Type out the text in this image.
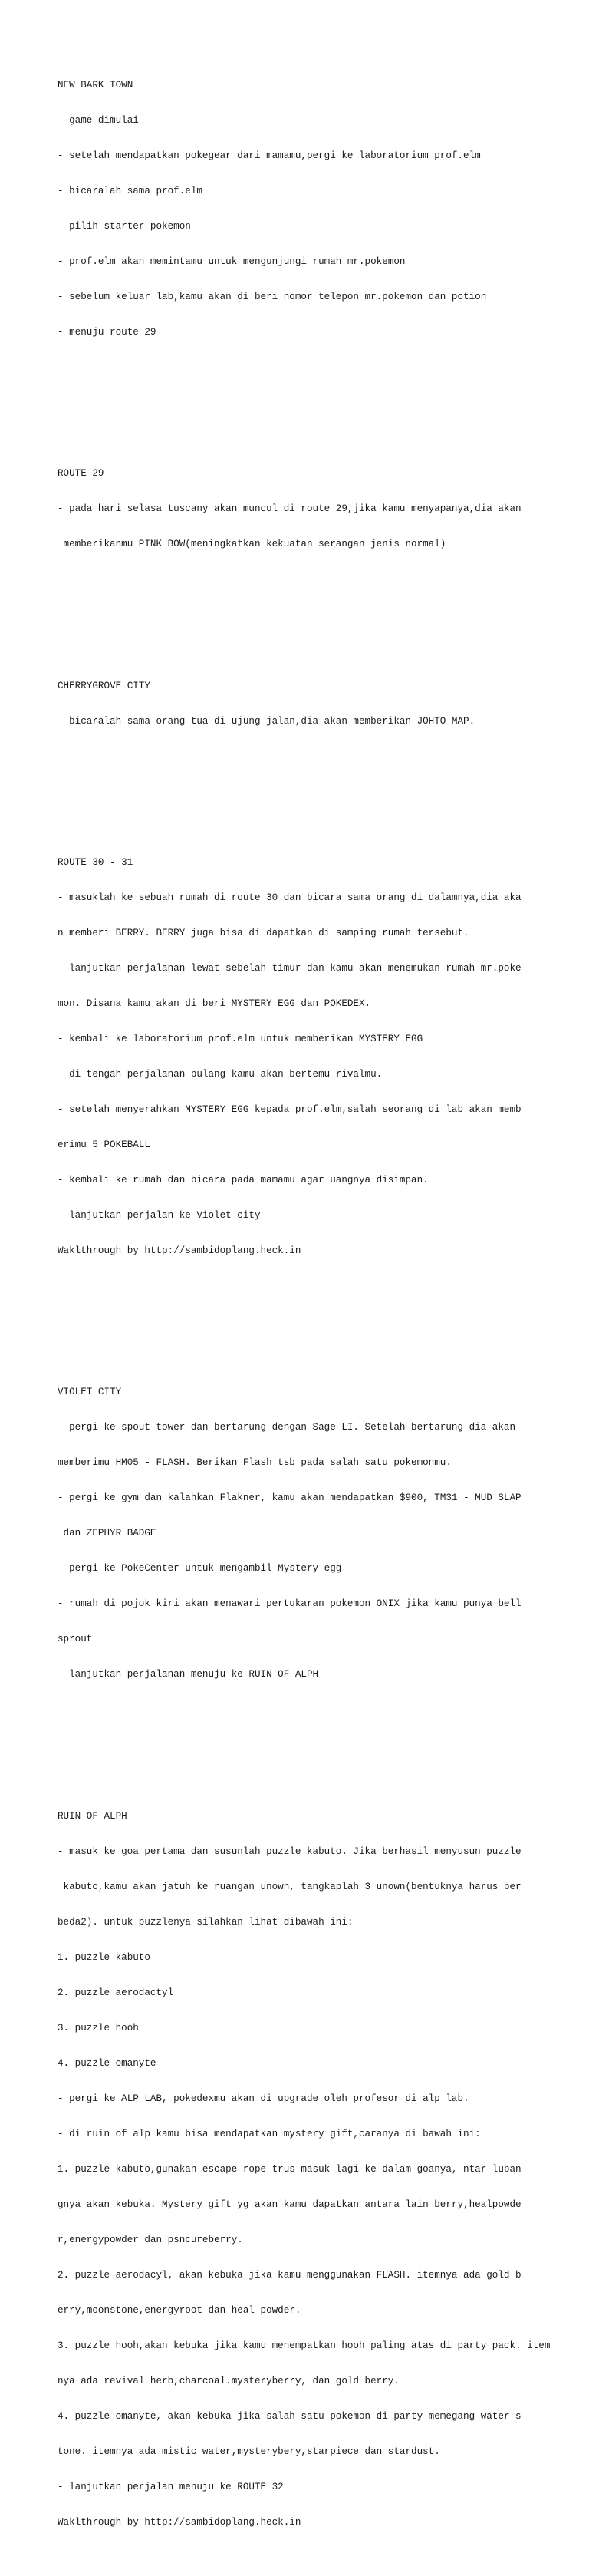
NEW BARK TOWN

- game dimulai

- setelah mendapatkan pokegear dari mamamu,pergi ke laboratorium prof.elm

- bicaralah sama prof.elm

- pilih starter pokemon

- prof.elm akan memintamu untuk mengunjungi rumah mr.pokemon

- sebelum keluar lab,kamu akan di beri nomor telepon mr.pokemon dan potion

- menuju route 29

ROUTE 29

- pada hari selasa tuscany akan muncul di route 29,jika kamu menyapanya,dia akan

memberikanmu PINK BOW(meningkatkan kekuatan serangan jenis normal)

CHERRYGROVE CITY

- bicaralah sama orang tua di ujung jalan,dia akan memberikan JOHTO MAP.

ROUTE 30 - 31

- masuklah ke sebuah rumah di route 30 dan bicara sama orang di dalamnya,dia aka

n memberi BERRY. BERRY juga bisa di dapatkan di samping rumah tersebut.

- lanjutkan perjalanan lewat sebelah timur dan kamu akan menemukan rumah mr.poke

mon. Disana kamu akan di beri MYSTERY EGG dan POKEDEX.

- kembali ke laboratorium prof.elm untuk memberikan MYSTERY EGG

- di tengah perjalanan pulang kamu akan bertemu rivalmu.

- setelah menyerahkan MYSTERY EGG kepada prof.elm,salah seorang di lab akan memb

erimu 5 POKEBALL

- kembali ke rumah dan bicara pada mamamu agar uangnya disimpan.

- lanjutkan perjalan ke Violet city

Waklthrough by http://sambidoplang.heck.in

VIOLET CITY

- pergi ke spout tower dan bertarung dengan Sage LI. Setelah bertarung dia akan

memberimu HM05 - FLASH. Berikan Flash tsb pada salah satu pokemonmu.

- pergi ke gym dan kalahkan Flakner, kamu akan mendapatkan $900, TM31 - MUD SLAP

dan ZEPHYR BADGE

- pergi ke PokeCenter untuk mengambil Mystery egg

- rumah di pojok kiri akan menawari pertukaran pokemon ONIX jika kamu punya bell

sprout

- lanjutkan perjalanan menuju ke RUIN OF ALPH

RUIN OF ALPH

- masuk ke goa pertama dan susunlah puzzle kabuto. Jika berhasil menyusun puzzle

kabuto,kamu akan jatuh ke ruangan unown, tangkaplah 3 unown(bentuknya harus ber

beda2). untuk puzzlenya silahkan lihat dibawah ini:

1. puzzle kabuto

2. puzzle aerodactyl

3. puzzle hooh

4. puzzle omanyte

- pergi ke ALP LAB, pokedexmu akan di upgrade oleh profesor di alp lab.

- di ruin of alp kamu bisa mendapatkan mystery gift,caranya di bawah ini:

1. puzzle kabuto,gunakan escape rope trus masuk lagi ke dalam goanya, ntar luban

gnya akan kebuka. Mystery gift yg akan kamu dapatkan antara lain berry,healpowde

r,energypowder dan psncureberry.

2. puzzle aerodacyl, akan kebuka jika kamu menggunakan FLASH. itemnya ada gold b

erry,moonstone,energyroot dan heal powder.

3. puzzle hooh,akan kebuka jika kamu menempatkan hooh paling atas di party pack. item

nya ada revival herb,charcoal.mysteryberry, dan gold berry.

4. puzzle omanyte, akan kebuka jika salah satu pokemon di party memegang water s

tone. itemnya ada mistic water,mysterybery,starpiece dan stardust.

- lanjutkan perjalan menuju ke ROUTE 32

Waklthrough by http://sambidoplang.heck.in
